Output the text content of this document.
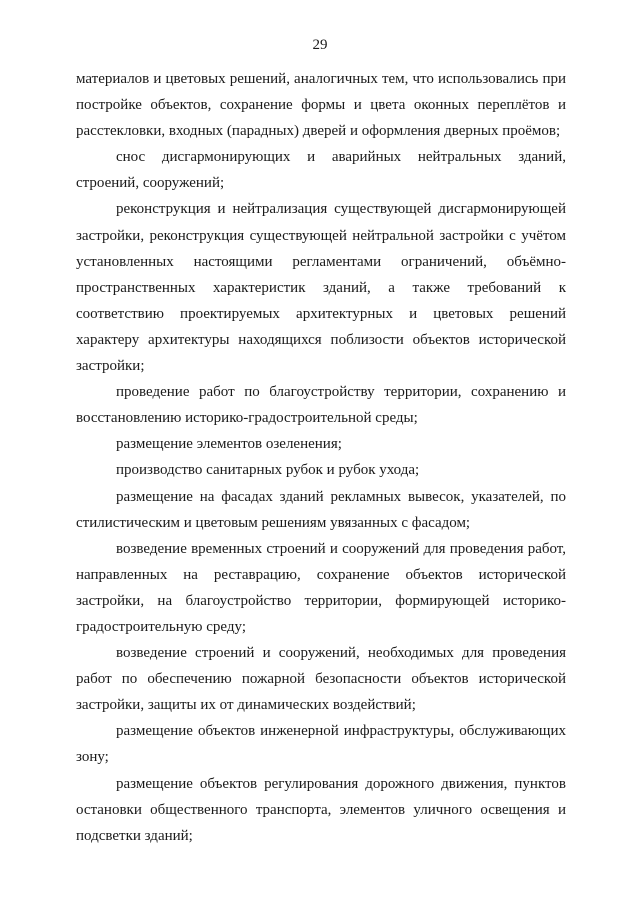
29

материалов и цветовых решений, аналогичных тем, что использовались при постройке объектов, сохранение формы и цвета оконных переплётов и расстекловки, входных (парадных) дверей и оформления дверных проёмов;

снос дисгармонирующих и аварийных нейтральных зданий, строений, сооружений;

реконструкция и нейтрализация существующей дисгармонирующей застройки, реконструкция существующей нейтральной застройки с учётом установленных настоящими регламентами ограничений, объёмно-пространственных характеристик зданий, а также требований к соответствию проектируемых архитектурных и цветовых решений характеру архитектуры находящихся поблизости объектов исторической застройки;

проведение работ по благоустройству территории, сохранению и восстановлению историко-градостроительной среды;

размещение элементов озеленения;

производство санитарных рубок и рубок ухода;

размещение на фасадах зданий рекламных вывесок, указателей, по стилистическим и цветовым решениям увязанных с фасадом;

возведение временных строений и сооружений для проведения работ, направленных на реставрацию, сохранение объектов исторической застройки, на благоустройство территории, формирующей историко-градостроительную среду;

возведение строений и сооружений, необходимых для проведения работ по обеспечению пожарной безопасности объектов исторической застройки, защиты их от динамических воздействий;

размещение объектов инженерной инфраструктуры, обслуживающих зону;

размещение объектов регулирования дорожного движения, пунктов остановки общественного транспорта, элементов уличного освещения и подсветки зданий;
